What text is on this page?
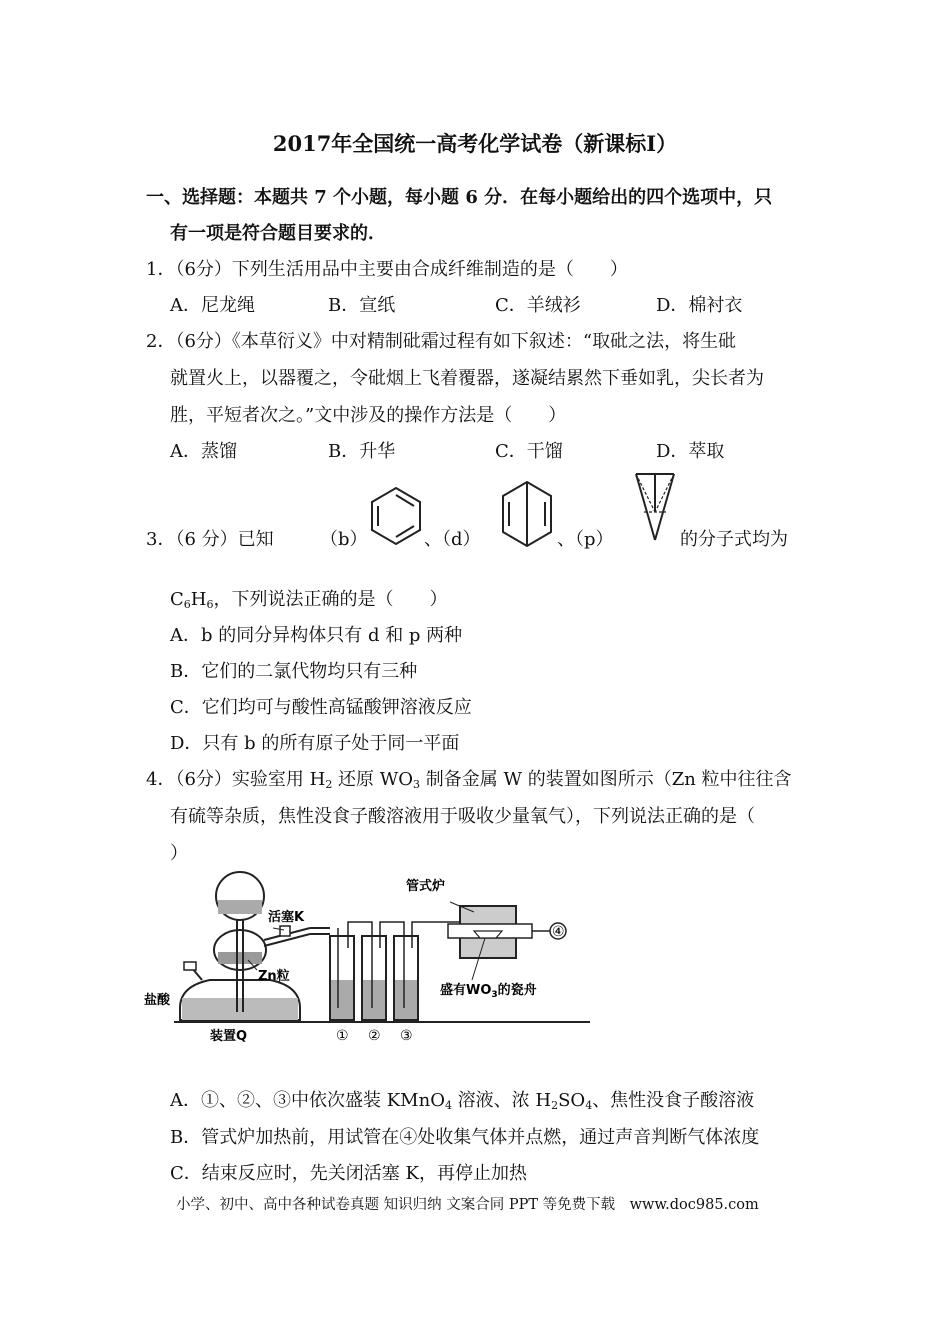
2017年全国统一高考化学试卷（新课标I）
一、选择题：本题共 7 个小题，每小题 6 分．在每小题给出的四个选项中，只
有一项是符合题目要求的．
1．（6分）下列生活用品中主要由合成纤维制造的是（　　）
A．尼龙绳	B．宣纸	C．羊绒衫	D．棉衬衣
2．（6分）《本草衍义》中对精制砒霜过程有如下叙述：“取砒之法，将生砒
就置火上，以器覆之，令砒烟上飞着覆器，遂凝结累然下垂如乳，尖长者为
胜，平短者次之。”文中涉及的操作方法是（　　）
A．蒸馏	B．升华	C．干馏	D．萃取
3．（6 分）已知	（b）	、（d）	、（p）	的分子式均为
$C_6H_6$，下列说法正确的是（　　）
A．b 的同分异构体只有 d 和 p 两种
B．它们的二氯代物均只有三种
C．它们均可与酸性高锰酸钾溶液反应
D．只有 b 的所有原子处于同一平面
4．（6分）实验室用 $H_2$ 还原 $WO_3$ 制备金属 W 的装置如图所示（Zn 粒中往往含
有硫等杂质，焦性没食子酸溶液用于吸收少量氧气），下列说法正确的是（
）
管式炉
活塞K
Zn粒
盐酸
装置Q
盛有$WO_3$的瓷舟
① ② ③
④
A．①、②、③中依次盛装 KMnO$_4$ 溶液、浓 $H_2SO_4$、焦性没食子酸溶液
B．管式炉加热前，用试管在④处收集气体并点燃，通过声音判断气体浓度
C．结束反应时，先关闭活塞 K，再停止加热
小学、初中、高中各种试卷真题 知识归纳 文案合同 PPT 等免费下载　www.doc985.com
